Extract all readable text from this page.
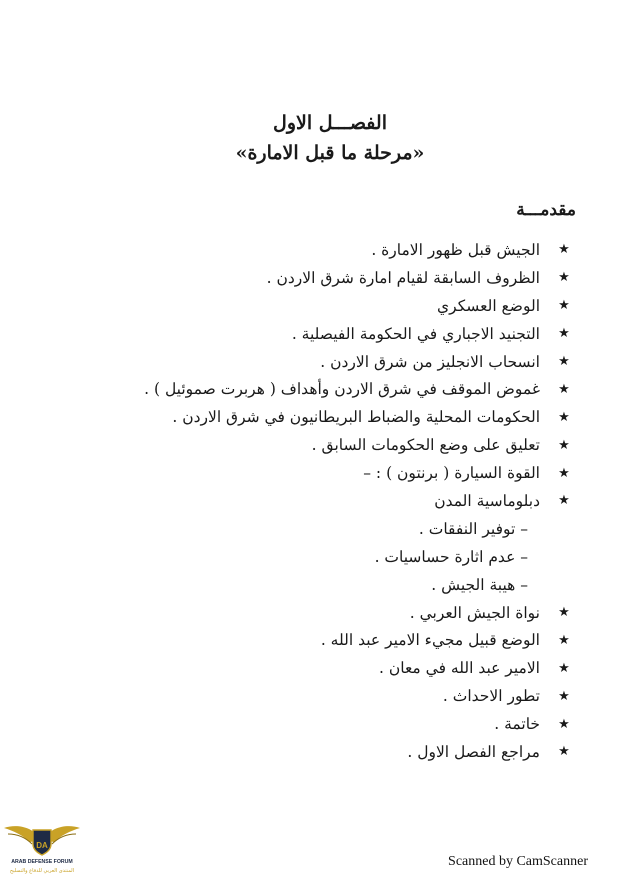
الفصـــل الاول
«مرحلة ما قبل الامارة»
مقدمـــة
★
الجيش قبل ظهور الامارة .
★
الظروف السابقة لقيام امارة شرق الاردن .
★
الوضع العسكري
★
التجنيد الاجباري في الحكومة الفيصلية .
★
انسحاب الانجليز من شرق الاردن .
★
غموض الموقف في شرق الاردن وأهداف ( هربرت صموئيل ) .
★
الحكومات المحلية والضباط البريطانيون في شرق الاردن .
★
تعليق على وضع الحكومات السابق .
★
القوة السيارة ( برنتون ) : –
★
دبلوماسية المدن
– توفير النفقات .
– عدم اثارة حساسيات .
– هيبة الجيش .
★
نواة الجيش العربي .
★
الوضع قبيل مجيء الامير عبد الله .
★
الامير عبد الله في معان .
★
تطور الاحداث .
★
خاتمة .
★
مراجع الفصل الاول .
DA
ARAB DEFENSE FORUM
المنتدى العربي للدفاع والتسليح
Scanned by CamScanner
